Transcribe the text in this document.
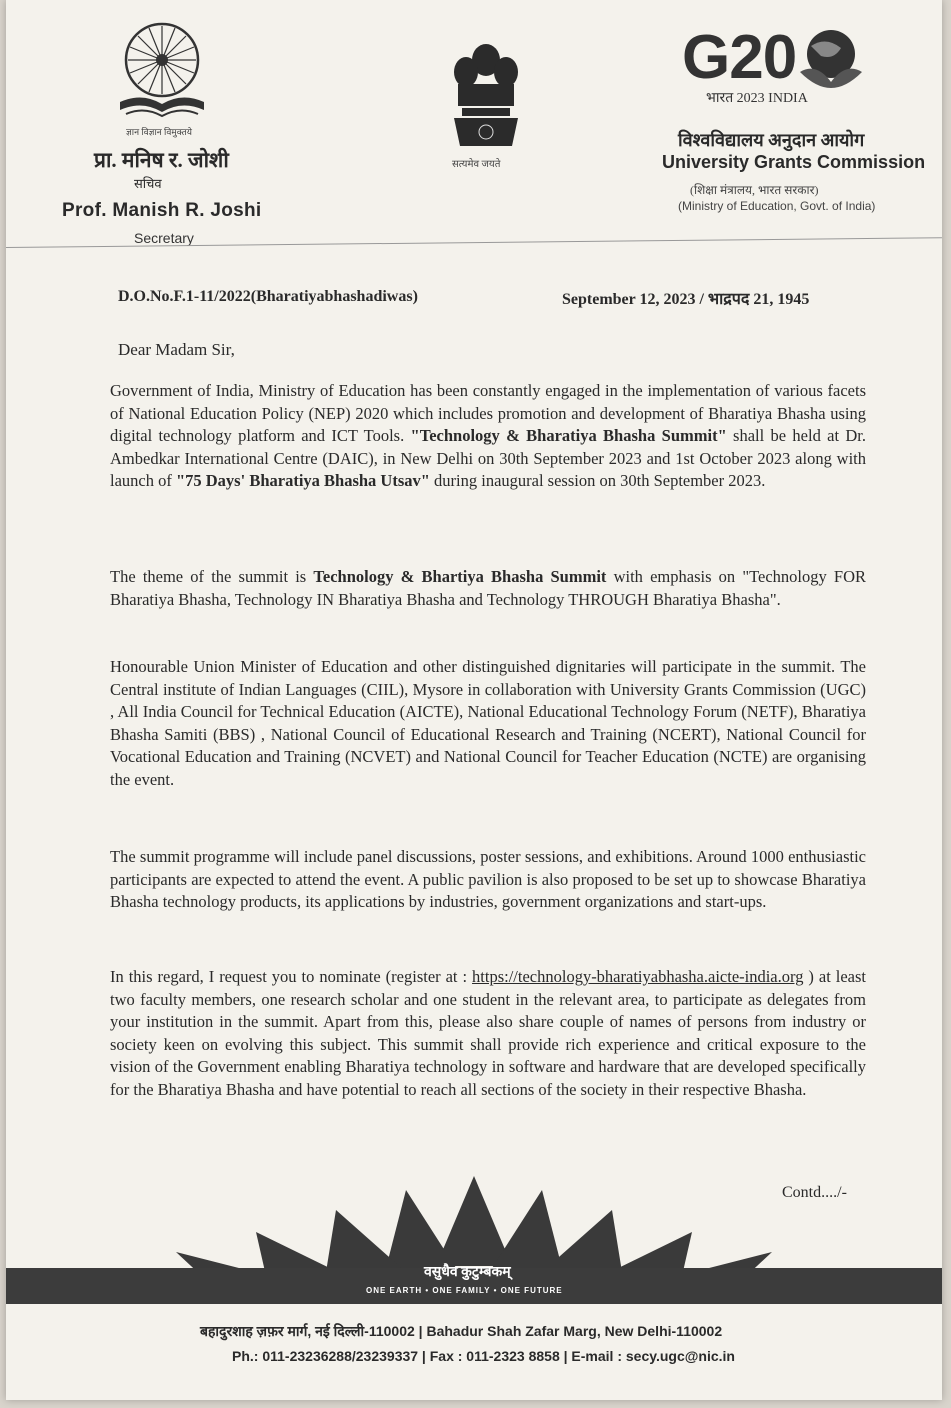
ज्ञान विज्ञान विमुक्तये
प्रा. मनिष र. जोशी
सचिव
Prof. Manish R. Joshi
Secretary
सत्यमेव जयते
G20
भारत 2023 INDIA
विश्वविद्यालय अनुदान आयोग
University Grants Commission
(शिक्षा मंत्रालय, भारत सरकार)
(Ministry of Education, Govt. of India)
D.O.No.F.1-11/2022(Bharatiyabhashadiwas)	September 12, 2023 / भाद्रपद 21, 1945
Dear Madam Sir,
Government of India, Ministry of Education has been constantly engaged in the implementation of various facets of National Education Policy (NEP) 2020 which includes promotion and development of Bharatiya Bhasha using digital technology platform and ICT Tools. "Technology & Bharatiya Bhasha Summit" shall be held at Dr. Ambedkar International Centre (DAIC), in New Delhi on 30th September 2023 and 1st October 2023 along with launch of "75 Days' Bharatiya Bhasha Utsav" during inaugural session on 30th September 2023.
The theme of the summit is Technology & Bhartiya Bhasha Summit with emphasis on "Technology FOR Bharatiya Bhasha, Technology IN Bharatiya Bhasha and Technology THROUGH Bharatiya Bhasha".
Honourable Union Minister of Education and other distinguished dignitaries will participate in the summit. The Central institute of Indian Languages (CIIL), Mysore in collaboration with University Grants Commission (UGC) , All India Council for Technical Education (AICTE), National Educational Technology Forum (NETF), Bharatiya Bhasha Samiti (BBS) , National Council of Educational Research and Training (NCERT), National Council for Vocational Education and Training (NCVET) and National Council for Teacher Education (NCTE) are organising the event.
The summit programme will include panel discussions, poster sessions, and exhibitions. Around 1000 enthusiastic participants are expected to attend the event. A public pavilion is also proposed to be set up to showcase Bharatiya Bhasha technology products, its applications by industries, government organizations and start-ups.
In this regard, I request you to nominate (register at : https://technology-bharatiyabhasha.aicte-india.org ) at least two faculty members, one research scholar and one student in the relevant area, to participate as delegates from your institution in the summit. Apart from this, please also share couple of names of persons from industry or society keen on evolving this subject. This summit shall provide rich experience and critical exposure to the vision of the Government enabling Bharatiya technology in software and hardware that are developed specifically for the Bharatiya Bhasha and have potential to reach all sections of the society in their respective Bhasha.
Contd..../-
वसुधैव कुटुम्बकम्
ONE EARTH • ONE FAMILY • ONE FUTURE
बहादुरशाह ज़फ़र मार्ग, नई दिल्ली-110002 | Bahadur Shah Zafar Marg, New Delhi-110002
Ph.: 011-23236288/23239337 | Fax : 011-2323 8858 | E-mail : secy.ugc@nic.in
